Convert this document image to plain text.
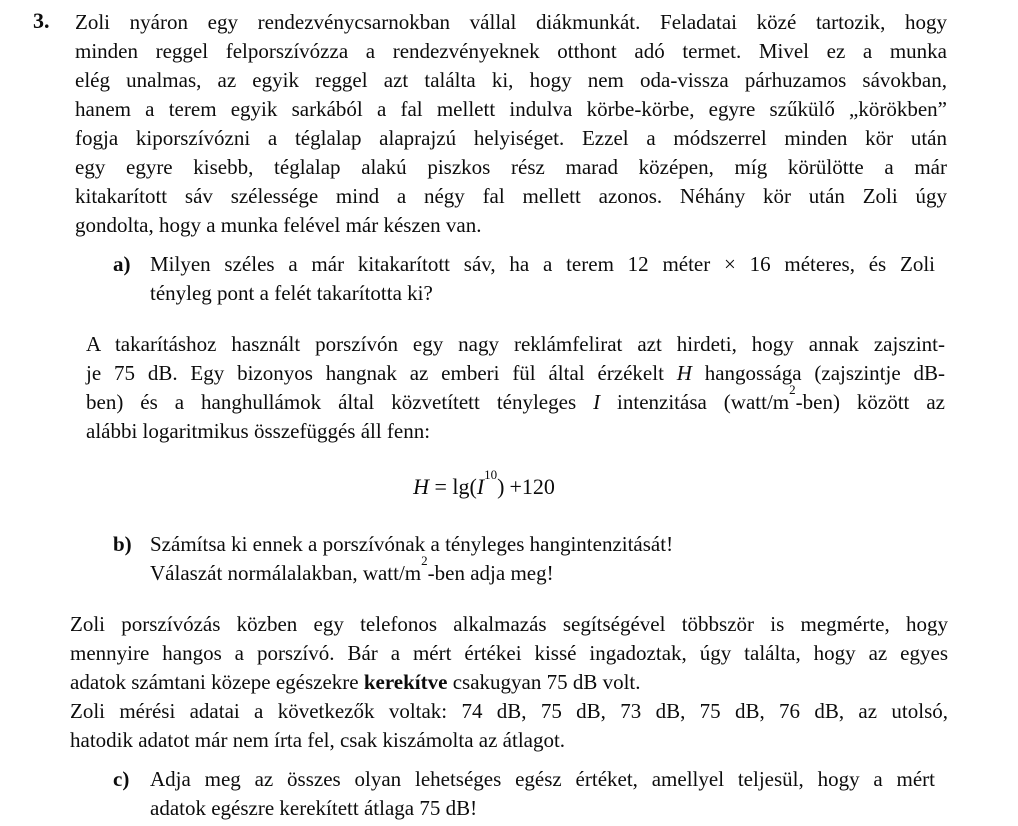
3. Zoli nyáron egy rendezvénycsarnokban vállal diákmunkát. Feladatai közé tartozik, hogy
minden reggel felporszívózza a rendezvényeknek otthont adó termet. Mivel ez a munka
elég unalmas, az egyik reggel azt találta ki, hogy nem oda-vissza párhuzamos sávokban,
hanem a terem egyik sarkából a fal mellett indulva körbe-körbe, egyre szűkülő „körökben”
fogja kiporszívózni a téglalap alaprajzú helyiséget. Ezzel a módszerrel minden kör után
egy egyre kisebb, téglalap alakú piszkos rész marad középen, míg körülötte a már
kitakarított sáv szélessége mind a négy fal mellett azonos. Néhány kör után Zoli úgy
gondolta, hogy a munka felével már készen van.
a) Milyen széles a már kitakarított sáv, ha a terem 12 méter × 16 méteres, és Zoli
tényleg pont a felét takarította ki?
A takarításhoz használt porszívón egy nagy reklámfelirat azt hirdeti, hogy annak zajszint-
je 75 dB. Egy bizonyos hangnak az emberi fül által érzékelt H hangossága (zajszintje dB-
ben) és a hanghullámok által közvetített tényleges I intenzitása $(watt/m^2-ben)$ között az
alábbi logaritmikus összefüggés áll fenn:
$H = \lg(I^{10}) +120$
b) Számítsa ki ennek a porszívónak a tényleges hangintenzitását!
Válaszát normálalakban, watt/$m^2$-ben adja meg!
Zoli porszívózás közben egy telefonos alkalmazás segítségével többször is megmérte, hogy
mennyire hangos a porszívó. Bár a mért értékei kissé ingadoztak, úgy találta, hogy az egyes
adatok számtani közepe egészekre kerekítve csakugyan 75 dB volt.
Zoli mérési adatai a következők voltak: 74 dB, 75 dB, 73 dB, 75 dB, 76 dB, az utolsó,
hatodik adatot már nem írta fel, csak kiszámolta az átlagot.
c) Adja meg az összes olyan lehetséges egész értéket, amellyel teljesül, hogy a mért
adatok egészre kerekített átlaga 75 dB!
